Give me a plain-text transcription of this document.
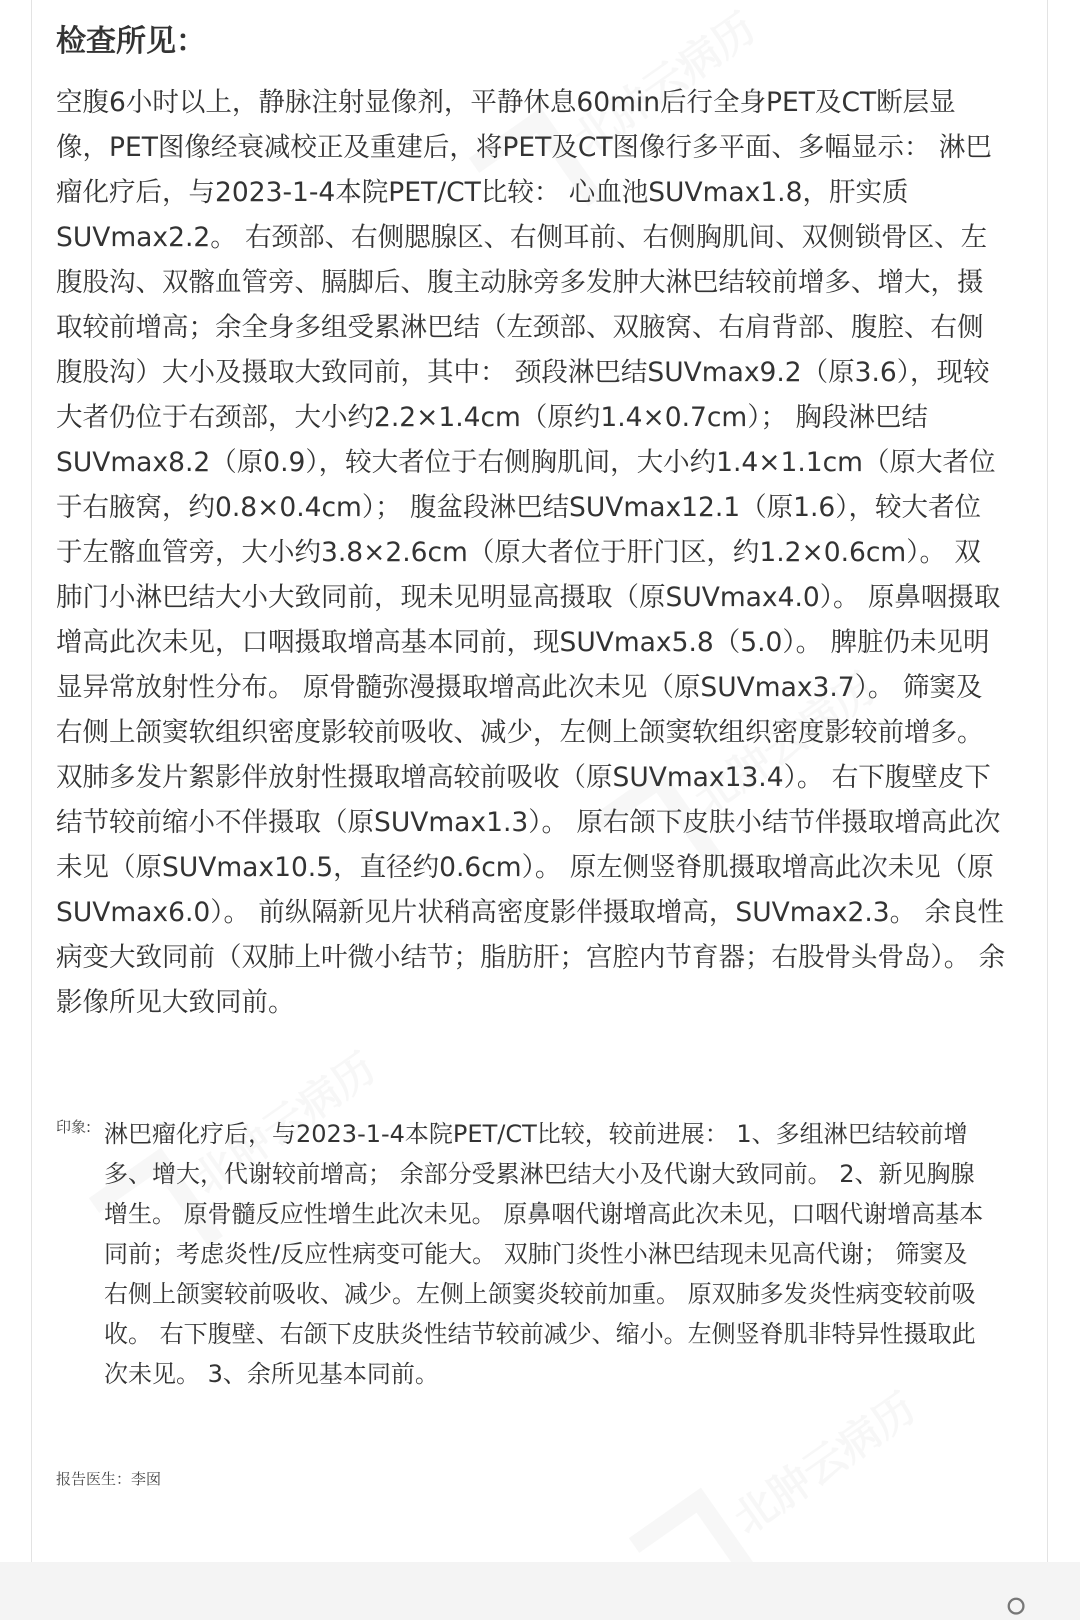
北肿云病历
北肿云病历
北肿云病历
北肿云病历
检查所见：
空腹6小时以上，静脉注射显像剂，平静休息60min后行全身PET及CT断层显像，PET图像经衰减校正及重建后，将PET及CT图像行多平面、多幅显示： 淋巴瘤化疗后，与2023-1-4本院PET/CT比较： 心血池SUVmax1.8，肝实质SUVmax2.2。 右颈部、右侧腮腺区、右侧耳前、右侧胸肌间、双侧锁骨区、左腹股沟、双髂血管旁、膈脚后、腹主动脉旁多发肿大淋巴结较前增多、增大，摄取较前增高；余全身多组受累淋巴结（左颈部、双腋窝、右肩背部、腹腔、右侧腹股沟）大小及摄取大致同前，其中： 颈段淋巴结SUVmax9.2（原3.6），现较大者仍位于右颈部，大小约2.2×1.4cm（原约1.4×0.7cm）； 胸段淋巴结SUVmax8.2（原0.9），较大者位于右侧胸肌间，大小约1.4×1.1cm（原大者位于右腋窝，约0.8×0.4cm）； 腹盆段淋巴结SUVmax12.1（原1.6），较大者位于左髂血管旁，大小约3.8×2.6cm（原大者位于肝门区，约1.2×0.6cm）。 双肺门小淋巴结大小大致同前，现未见明显高摄取（原SUVmax4.0）。 原鼻咽摄取增高此次未见，口咽摄取增高基本同前，现SUVmax5.8（5.0）。 脾脏仍未见明显异常放射性分布。 原骨髓弥漫摄取增高此次未见（原SUVmax3.7）。 筛窦及右侧上颌窦软组织密度影较前吸收、减少，左侧上颌窦软组织密度影较前增多。 双肺多发片絮影伴放射性摄取增高较前吸收（原SUVmax13.4）。 右下腹壁皮下结节较前缩小不伴摄取（原SUVmax1.3）。 原右颌下皮肤小结节伴摄取增高此次未见（原SUVmax10.5，直径约0.6cm）。 原左侧竖脊肌摄取增高此次未见（原SUVmax6.0）。 前纵隔新见片状稍高密度影伴摄取增高，SUVmax2.3。 余良性病变大致同前（双肺上叶微小结节；脂肪肝；宫腔内节育器；右股骨头骨岛）。 余影像所见大致同前。
印象: 淋巴瘤化疗后，与2023-1-4本院PET/CT比较，较前进展： 1、多组淋巴结较前增多、增大，代谢较前增高； 余部分受累淋巴结大小及代谢大致同前。 2、新见胸腺增生。 原骨髓反应性增生此次未见。 原鼻咽代谢增高此次未见，口咽代谢增高基本同前；考虑炎性/反应性病变可能大。 双肺门炎性小淋巴结现未见高代谢； 筛窦及右侧上颌窦较前吸收、减少。左侧上颌窦炎较前加重。 原双肺多发炎性病变较前吸收。 右下腹壁、右颌下皮肤炎性结节较前减少、缩小。左侧竖脊肌非特异性摄取此次未见。 3、余所见基本同前。
报告医生：李囡
